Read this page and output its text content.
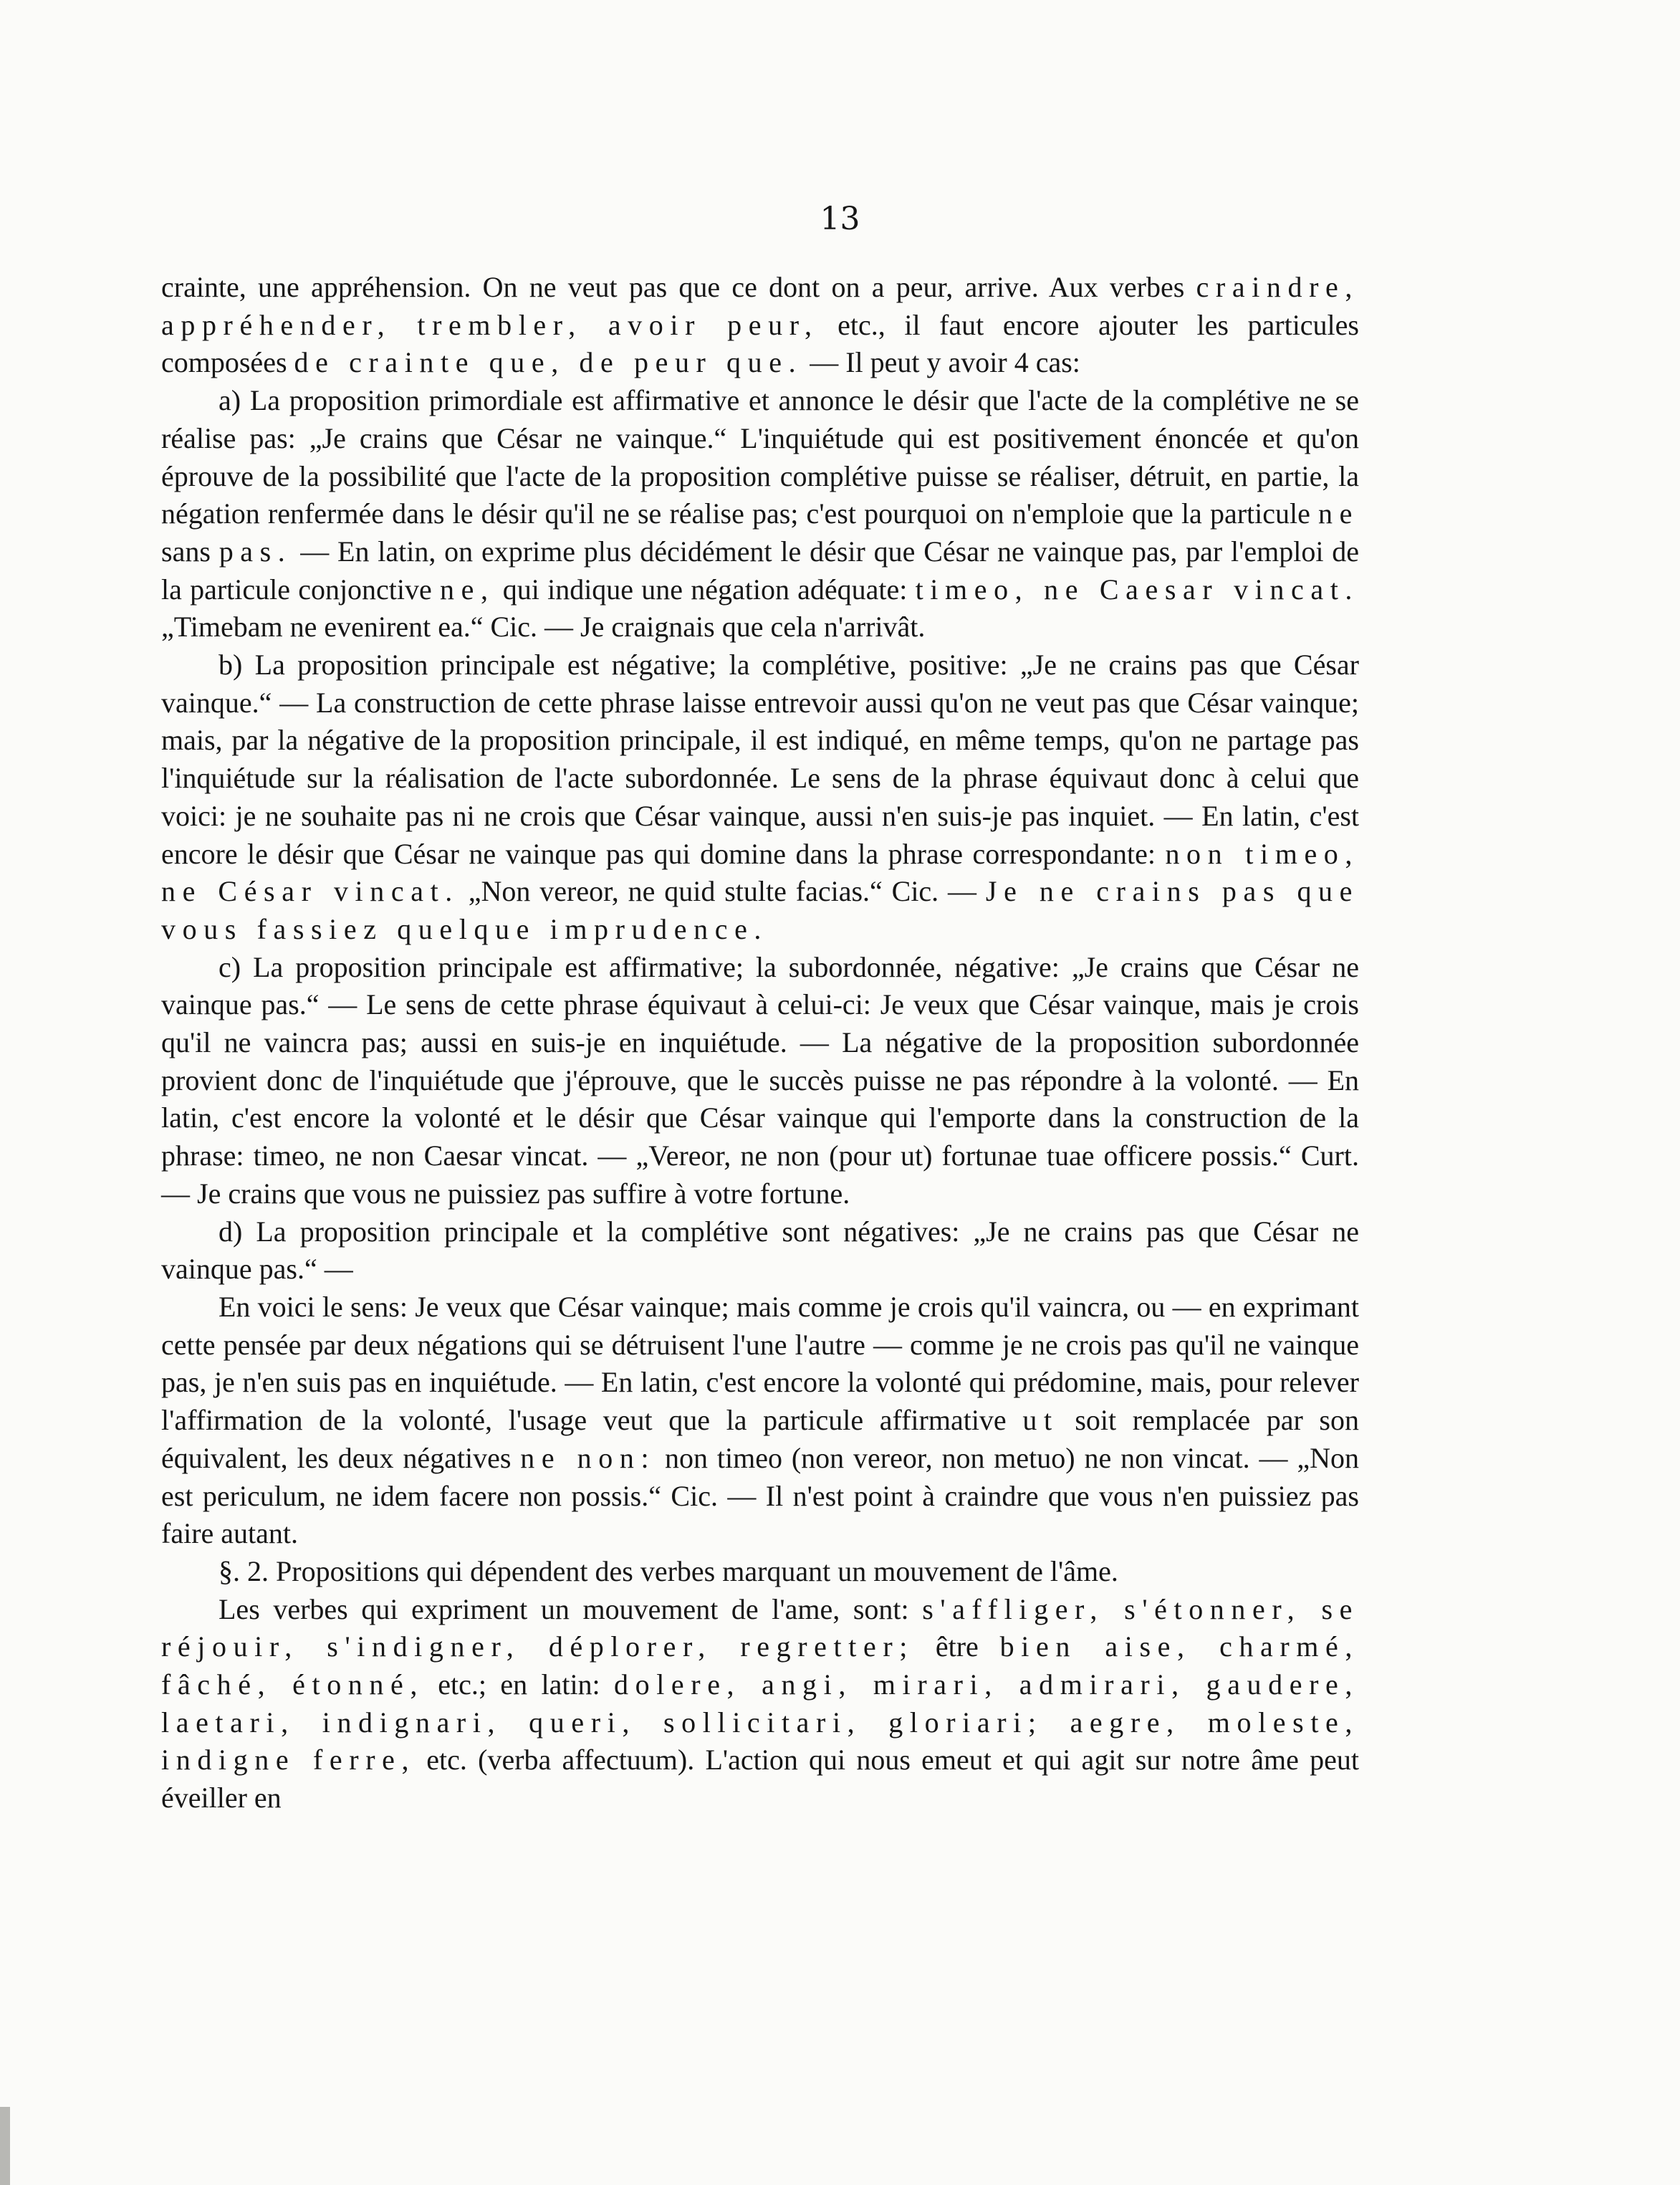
13

crainte, une appréhension. On ne veut pas que ce dont on a peur, arrive. Aux verbes craindre, appréhender, trembler, avoir peur, etc., il faut encore ajouter les particules composées de crainte que, de peur que. — Il peut y avoir 4 cas:

a) La proposition primordiale est affirmative et annonce le désir que l'acte de la complétive ne se réalise pas: „Je crains que César ne vainque.“ L'inquiétude qui est positivement énoncée et qu'on éprouve de la possibilité que l'acte de la proposition complétive puisse se réaliser, détruit, en partie, la négation renfermée dans le désir qu'il ne se réalise pas; c'est pourquoi on n'emploie que la particule ne sans pas. — En latin, on exprime plus décidément le désir que César ne vainque pas, par l'emploi de la particule conjonctive ne, qui indique une négation adéquate: timeo, ne Caesar vincat. „Timebam ne evenirent ea.“ Cic. — Je craignais que cela n'arrivât.

b) La proposition principale est négative; la complétive, positive: „Je ne crains pas que César vainque.“ — La construction de cette phrase laisse entrevoir aussi qu'on ne veut pas que César vainque; mais, par la négative de la proposition principale, il est indiqué, en même temps, qu'on ne partage pas l'inquiétude sur la réalisation de l'acte subordonnée. Le sens de la phrase équivaut donc à celui que voici: je ne souhaite pas ni ne crois que César vainque, aussi n'en suis-je pas inquiet. — En latin, c'est encore le désir que César ne vainque pas qui domine dans la phrase correspondante: non timeo, ne César vincat. „Non vereor, ne quid stulte facias.“ Cic. — Je ne crains pas que vous fassiez quelque imprudence.

c) La proposition principale est affirmative; la subordonnée, négative: „Je crains que César ne vainque pas.“ — Le sens de cette phrase équivaut à celui-ci: Je veux que César vainque, mais je crois qu'il ne vaincra pas; aussi en suis-je en inquiétude. — La négative de la proposition subordonnée provient donc de l'inquiétude que j'éprouve, que le succès puisse ne pas répondre à la volonté. — En latin, c'est encore la volonté et le désir que César vainque qui l'emporte dans la construction de la phrase: timeo, ne non Caesar vincat. — „Vereor, ne non (pour ut) fortunae tuae officere possis.“ Curt. — Je crains que vous ne puissiez pas suffire à votre fortune.

d) La proposition principale et la complétive sont négatives: „Je ne crains pas que César ne vainque pas.“ —

En voici le sens: Je veux que César vainque; mais comme je crois qu'il vaincra, ou — en exprimant cette pensée par deux négations qui se détruisent l'une l'autre — comme je ne crois pas qu'il ne vainque pas, je n'en suis pas en inquiétude. — En latin, c'est encore la volonté qui prédomine, mais, pour relever l'affirmation de la volonté, l'usage veut que la particule affirmative ut soit remplacée par son équivalent, les deux négatives ne non: non timeo (non vereor, non metuo) ne non vincat. — „Non est periculum, ne idem facere non possis.“ Cic. — Il n'est point à craindre que vous n'en puissiez pas faire autant.

§. 2. Propositions qui dépendent des verbes marquant un mouvement de l'âme.

Les verbes qui expriment un mouvement de l'ame, sont: s'affliger, s'étonner, se réjouir, s'indigner, déplorer, regretter; être bien aise, charmé, fâché, étonné, etc.; en latin: dolere, angi, mirari, admirari, gaudere, laetari, indignari, queri, sollicitari, gloriari; aegre, moleste, indigne ferre, etc. (verba affectuum). L'action qui nous emeut et qui agit sur notre âme peut éveiller en
